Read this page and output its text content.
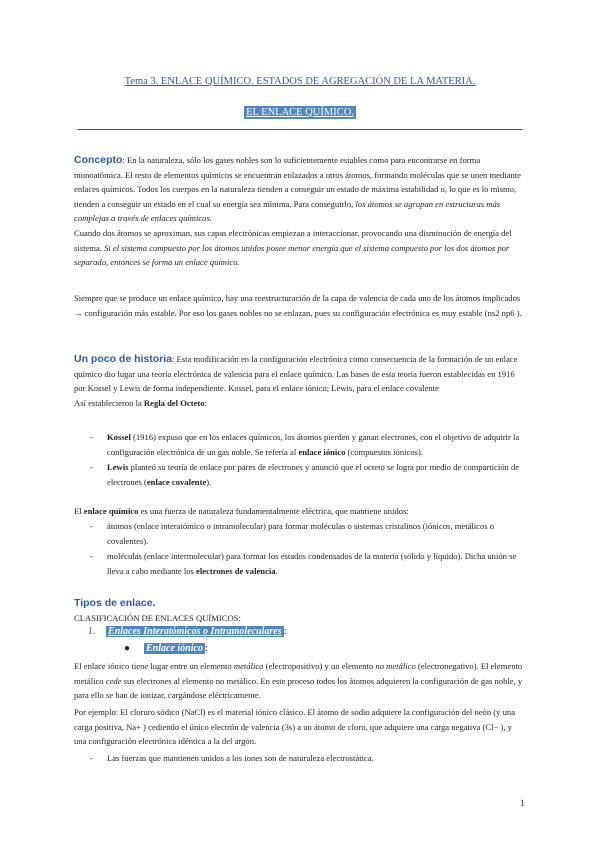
Tema 3. ENLACE QUÍMICO. ESTADOS DE AGREGACIÓN DE LA MATERIA.
EL ENLACE QUÍMICO.
Concepto: En la naturaleza, sólo los gases nobles son lo suficientemente estables como para encontrarse en forma monoatómica. El resto de elementos químicos se encuentran enlazados a otros átomos, formando moléculas que se unen mediante enlaces químicos. Todos los cuerpos en la naturaleza tienden a conseguir un estado de máxima estabilidad o, lo que es lo mismo, tienden a conseguir un estado en el cual su energía sea mínima. Para conseguirlo, los átomos se agrupan en estructuras más complejas a través de enlaces químicos.
Cuando dos átomos se aproximan, sus capas electrónicas empiezan a interaccionar, provocando una disminución de energía del sistema. Si el sistema compuesto por los átomos unidos posee menor energía que el sistema compuesto por los dos átomos por separado, entonces se forma un enlace químico.
Siempre que se produce un enlace químico, hay una reestructuración de la capa de valencia de cada uno de los átomos implicados → configuración más estable. Por eso los gases nobles no se enlazan, pues su configuración electrónica es muy estable (ns2 np6 ).
Un poco de historia: Esta modificación en la configuración electrónica como consecuencia de la formación de un enlace químico dio lugar una teoría electrónica de valencia para el enlace químico. Las bases de esta teoría fueron establecidas en 1916 por Kossel y Lewis de forma independiente. Kossel, para el enlace iónico; Lewis, para el enlace covalente
Así establecieron la Regla del Octeto:
- Kossel (1916) expuso que en los enlaces químicos, los átomos pierden y ganan electrones, con el objetivo de adquirir la configuración electrónica de un gas noble. Se refería al enlace iónico (compuestos iónicos).
- Lewis planteó su teoría de enlace por pares de electrones y anunció que el octeto se logra por medio de compartición de electrones (enlace covalente).
El enlace químico es una fuerza de naturaleza fundamentalmente eléctrica, que mantiene unidos:
- átomos (enlace interatómico o intramolecular) para formar moléculas o sistemas cristalinos (iónicos, metálicos o covalentes).
- moléculas (enlace intermolecular) para formar los estados condensados de la materia (sólido y líquido). Dicha unión se lleva a cabo mediante los electrones de valencia.
Tipos de enlace.
CLASIFICACIÓN DE ENLACES QUÍMICOS:
1. Enlaces Interatómicos o Intramoleculares :
● Enlace iónico :
El enlace iónico tiene lugar entre un elemento metálico (electropositivo) y un elemento no metálico (electronegativo). El elemento metálico cede sus electrones al elemento no metálico. En este proceso todos los átomos adquieren la configuración de gas noble, y para ello se han de ionizar, cargándose eléctricamente.
Por ejemplo: El cloruro sódico (NaCl) es el material iónico clásico. El átomo de sodio adquiere la configuración del neón (y una carga positiva, Na+ ) cediendo el único electrón de valencia (3s) a un átomo de cloro, que adquiere una carga negativa (Cl− ), y una configuración electrónica idéntica a la del argón.
- Las fuerzas que mantienen unidos a los iones son de naturaleza electrostática.
1
